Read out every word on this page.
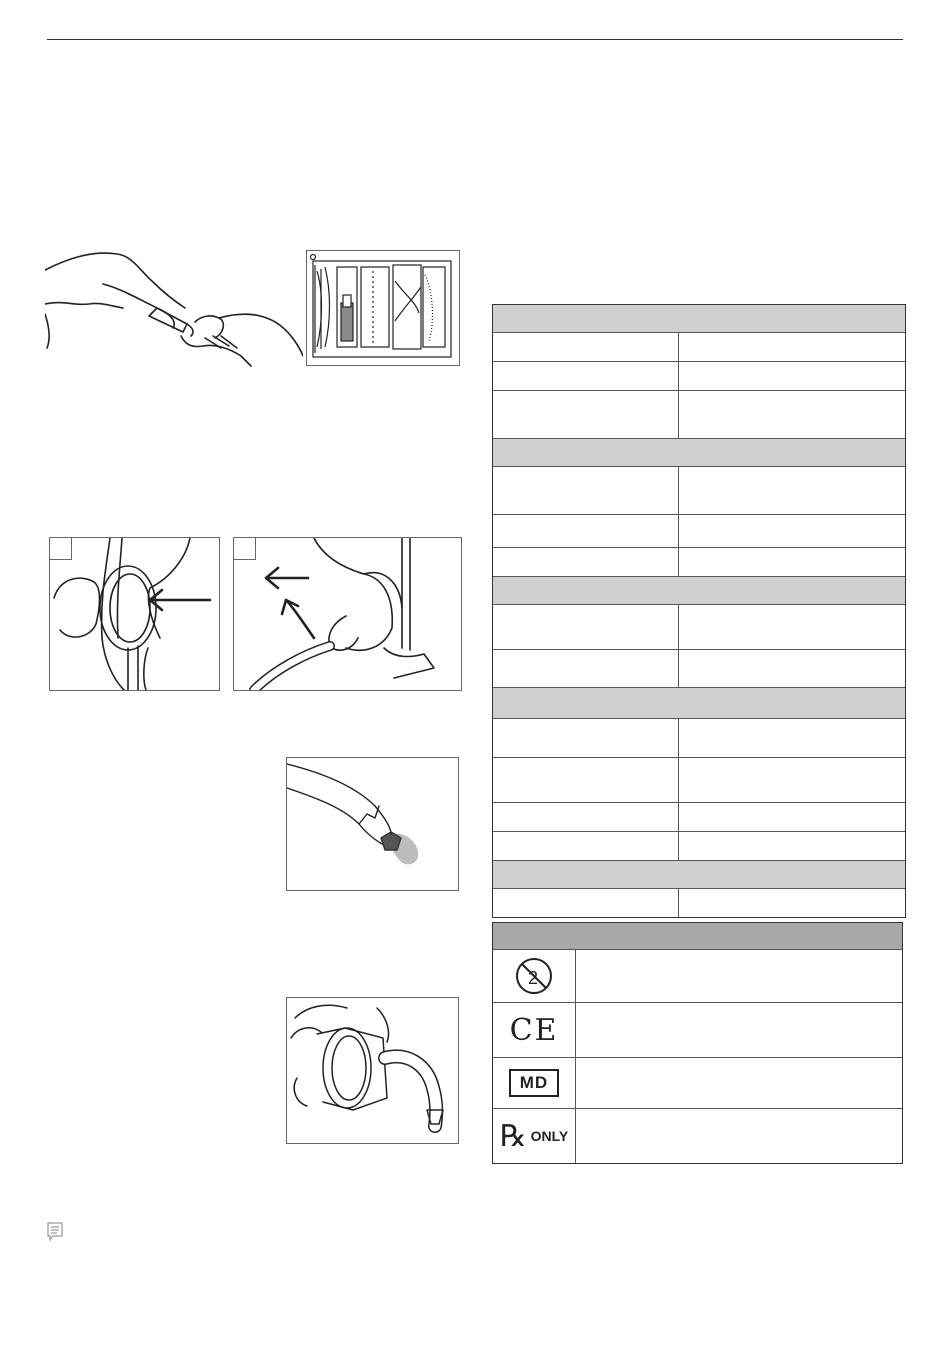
2
CE
MD
℞ ONLY
